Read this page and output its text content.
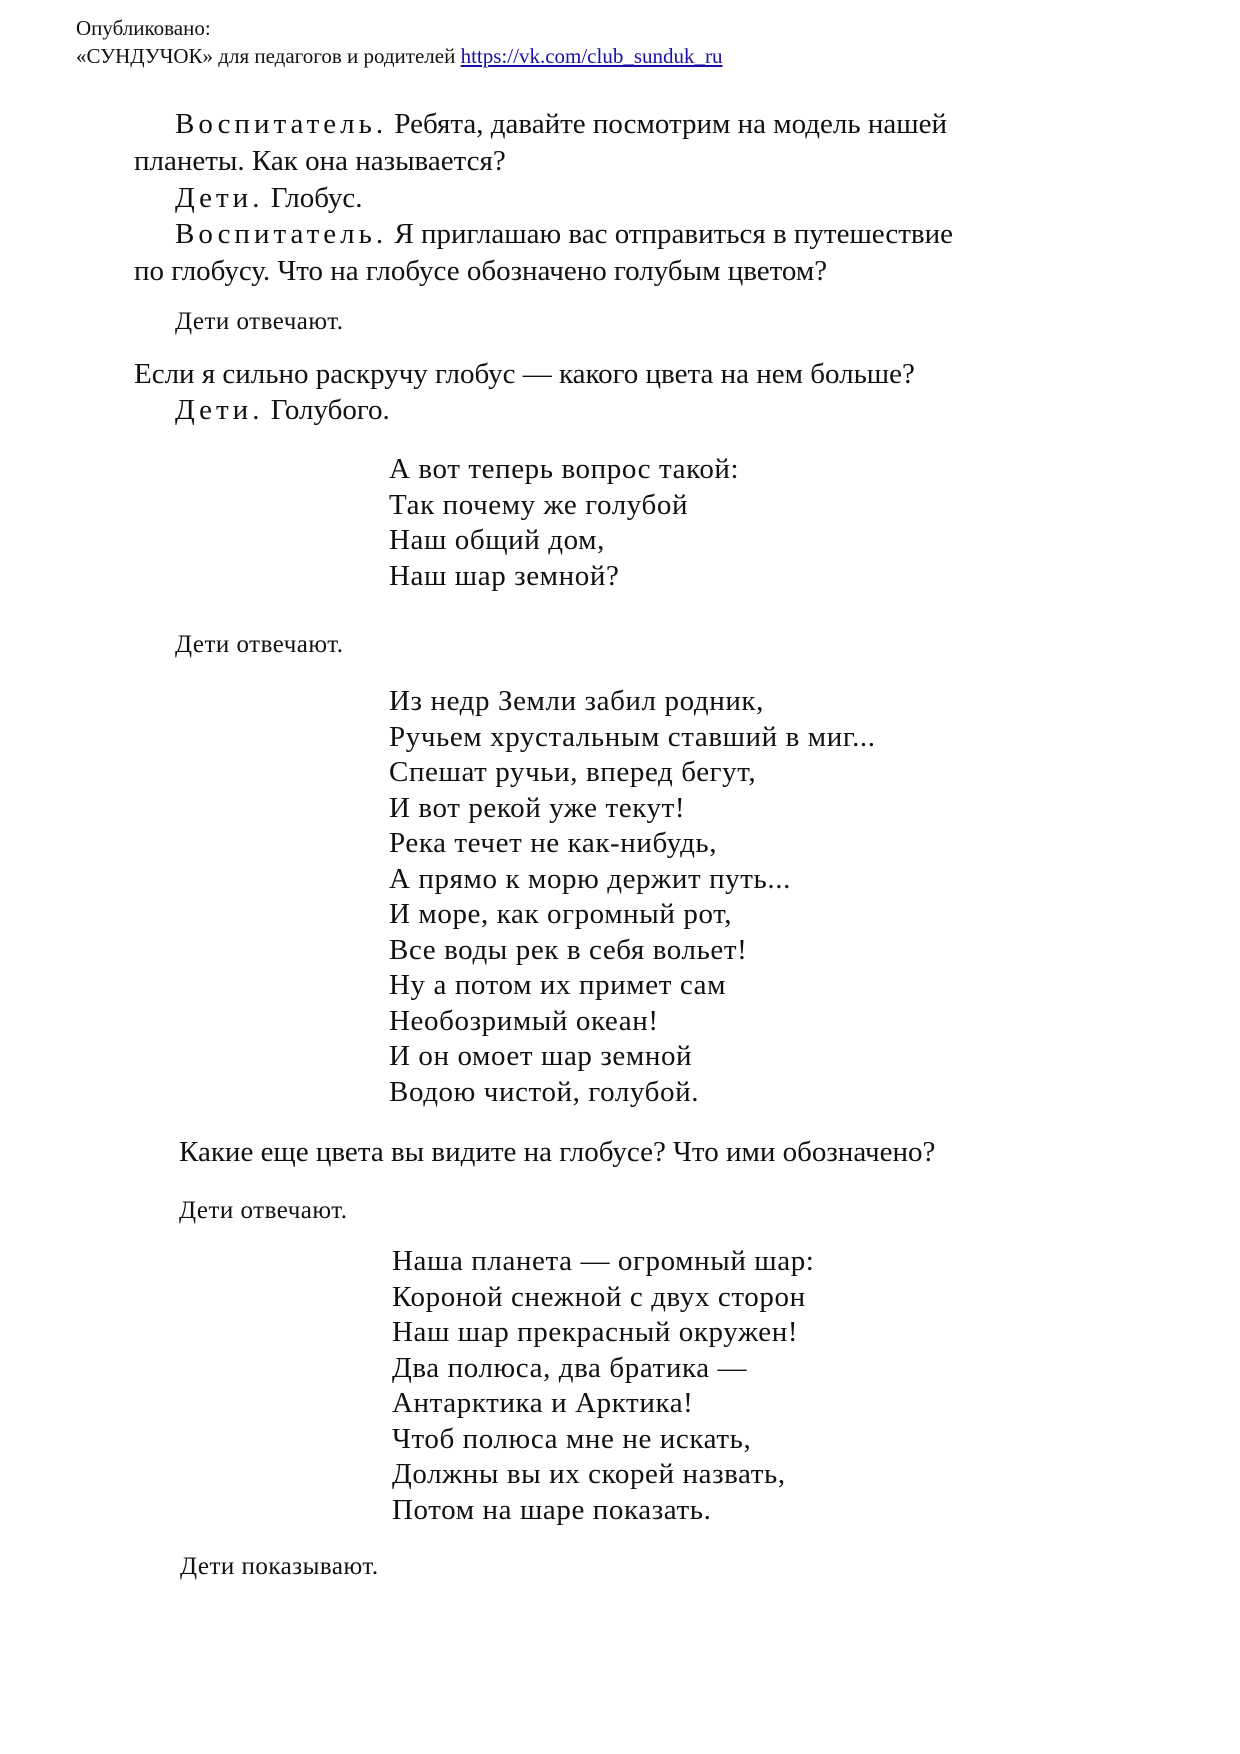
Опубликовано:
«СУНДУЧОК» для педагогов и родителей https://vk.com/club_sunduk_ru
Воспитатель. Ребята, давайте посмотрим на модель нашей
планеты. Как она называется?
Дети. Глобус.
Воспитатель. Я приглашаю вас отправиться в путешествие
по глобусу. Что на глобусе обозначено голубым цветом?
Дети отвечают.
Если я сильно раскручу глобус — какого цвета на нем больше?
Дети. Голубого.
А вот теперь вопрос такой:
Так почему же голубой
Наш общий дом,
Наш шар земной?
Дети отвечают.
Из недр Земли забил родник,
Ручьем хрустальным ставший в миг...
Спешат ручьи, вперед бегут,
И вот рекой уже текут!
Река течет не как-нибудь,
А прямо к морю держит путь...
И море, как огромный рот,
Все воды рек в себя вольет!
Ну а потом их примет сам
Необозримый океан!
И он омоет шар земной
Водою чистой, голубой.
Какие еще цвета вы видите на глобусе? Что ими обозначено?
Дети отвечают.
Наша планета — огромный шар:
Короной снежной с двух сторон
Наш шар прекрасный окружен!
Два полюса, два братика —
Антарктика и Арктика!
Чтоб полюса мне не искать,
Должны вы их скорей назвать,
Потом на шаре показать.
Дети показывают.
